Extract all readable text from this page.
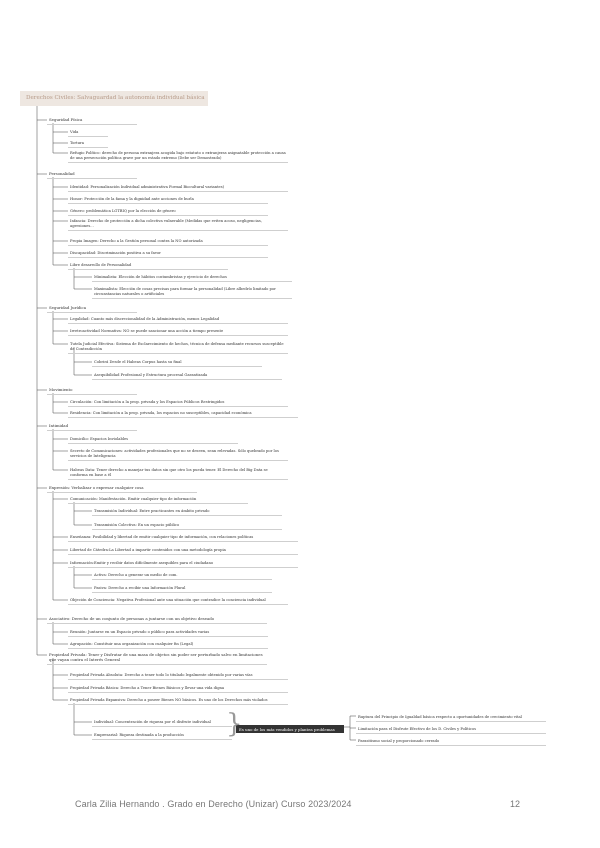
Derechos Civiles: Salvaguardad la autonomía individual básica
Seguridad Física
Vida
Tortura
Refugio Político: derecho de persona extranjera acogida bajo estatuto o extranjeras asignatable protección a causa de una persecución política grave por un estado extremo (Debe ser Demostrado)
Personalidad
Identidad: Personalización Individual administrativa Formal Biocultural variantes)
Honor: Protección de la fama y la dignidad ante acciones de burla
Género: problemática LGTBIQ por la elección de género
Infancia: Derecho de protección a dicha colectiva vulnerable (Medidas que eviten acoso, negligencias, agresiones...
Propia Imagen: Derecho a la Gestión personal contra la NO autorizada
Discapacidad: Discriminación positiva a su favor
Libre desarrollo de Personalidad
Minimalista: Elección de hábitos costumbristas y ejercicio de derechos
Maximalista: Elección de cosas precisas para formar la personalidad (Libre albedrío limitado por circunstancias naturales o artificiales
Seguridad Jurídica
Legalidad: Cuanto más discrecionalidad de la Administración, menos Legalidad
Irretroactividad Normativa: NO se puede sancionar una acción a tiempo presente
Tutela Judicial Efectiva: Sistema de Esclarecimiento de hechos, técnica de defensa mediante recursos susceptible de Contradicción
Cobrirá Desde el Habeas Corpus hasta su final
Asequibilidad Profesional y Estructura procesal Garantizada
Movimiento
Circulación: Con limitación a la prop. privada y los Espacios Públicos Restringidos
Residencia: Con limitación a la prop. privada, los espacios no susceptibles, capacidad económica
Intimidad
Domicilio: Espacios Inviolables
Secreto de Comunicaciones: actividades profesionales que no se deseen, sean relevadas. Sólo quebrado por los servicios de Inteligencia
Habeas Data: Tener derecho a manejar tus datos sin que otro los pueda tener. El Derecho del Big Data se conforma en base a él
Expresión: Verbalizar o expresar cualquier cosa
Comunicación: Manifestación. Emitir cualquier tipo de información
Transmisión Individual: Entre practicantes en ámbito privado
Transmisión Colectiva: En un espacio público
Enseñanza: Posibilidad y libertad de emitir cualquier tipo de información, con relaciones políticas
Libertad de Cátedra:La Libertad a impartir contenidos con una metodología propia
Información:Emitir y recibir datos difícilmente asequibles para el ciudadano
Activa: Derecho a generar un medio de com.
Pasiva: Derecho a recibir una Información Plural
Objeción de Conciencia: Negativa Profesional ante una situación que contradice la conciencia individual
Asociativo: Derecho de un conjunto de personas a juntarse con un objetivo deseado
Reunión: Juntarse en un Espacio privado o público para actividades varias
Agrupación: Constituir una organización con cualquier fin (Legal)
Propiedad Privada: Tener y Disfrutar de una masa de objetos sin poder ser perturbado salvo en limitaciones que vayan contra el Interés General
Propiedad Privada Absoluta: Derecho a tener todo lo titulado legalmente obtenido por varias vías
Propiedad Privada Básica: Derecho a Tener Bienes Básicos y llevar una vida digna
Propiedad Privada Expansiva: Derecho a poseer Bienes NO básicos. Es uno de los Derechos más violados
Individual: Concentración de riqueza por el disfrute individual
Empresarial: Riqueza destinada a la producción
Es uno de los más vendidos y plantea problemas
Ruptura del Principio de Igualdad básica respecto a oportunidades de crecimiento vital
Limitación para el Disfrute Efectivo de los D. Civiles y Políticos
Parasitismo social y proporcionado cerrado
}
Carla Zilia Hernando . Grado en Derecho (Unizar) Curso 2023/2024	12
